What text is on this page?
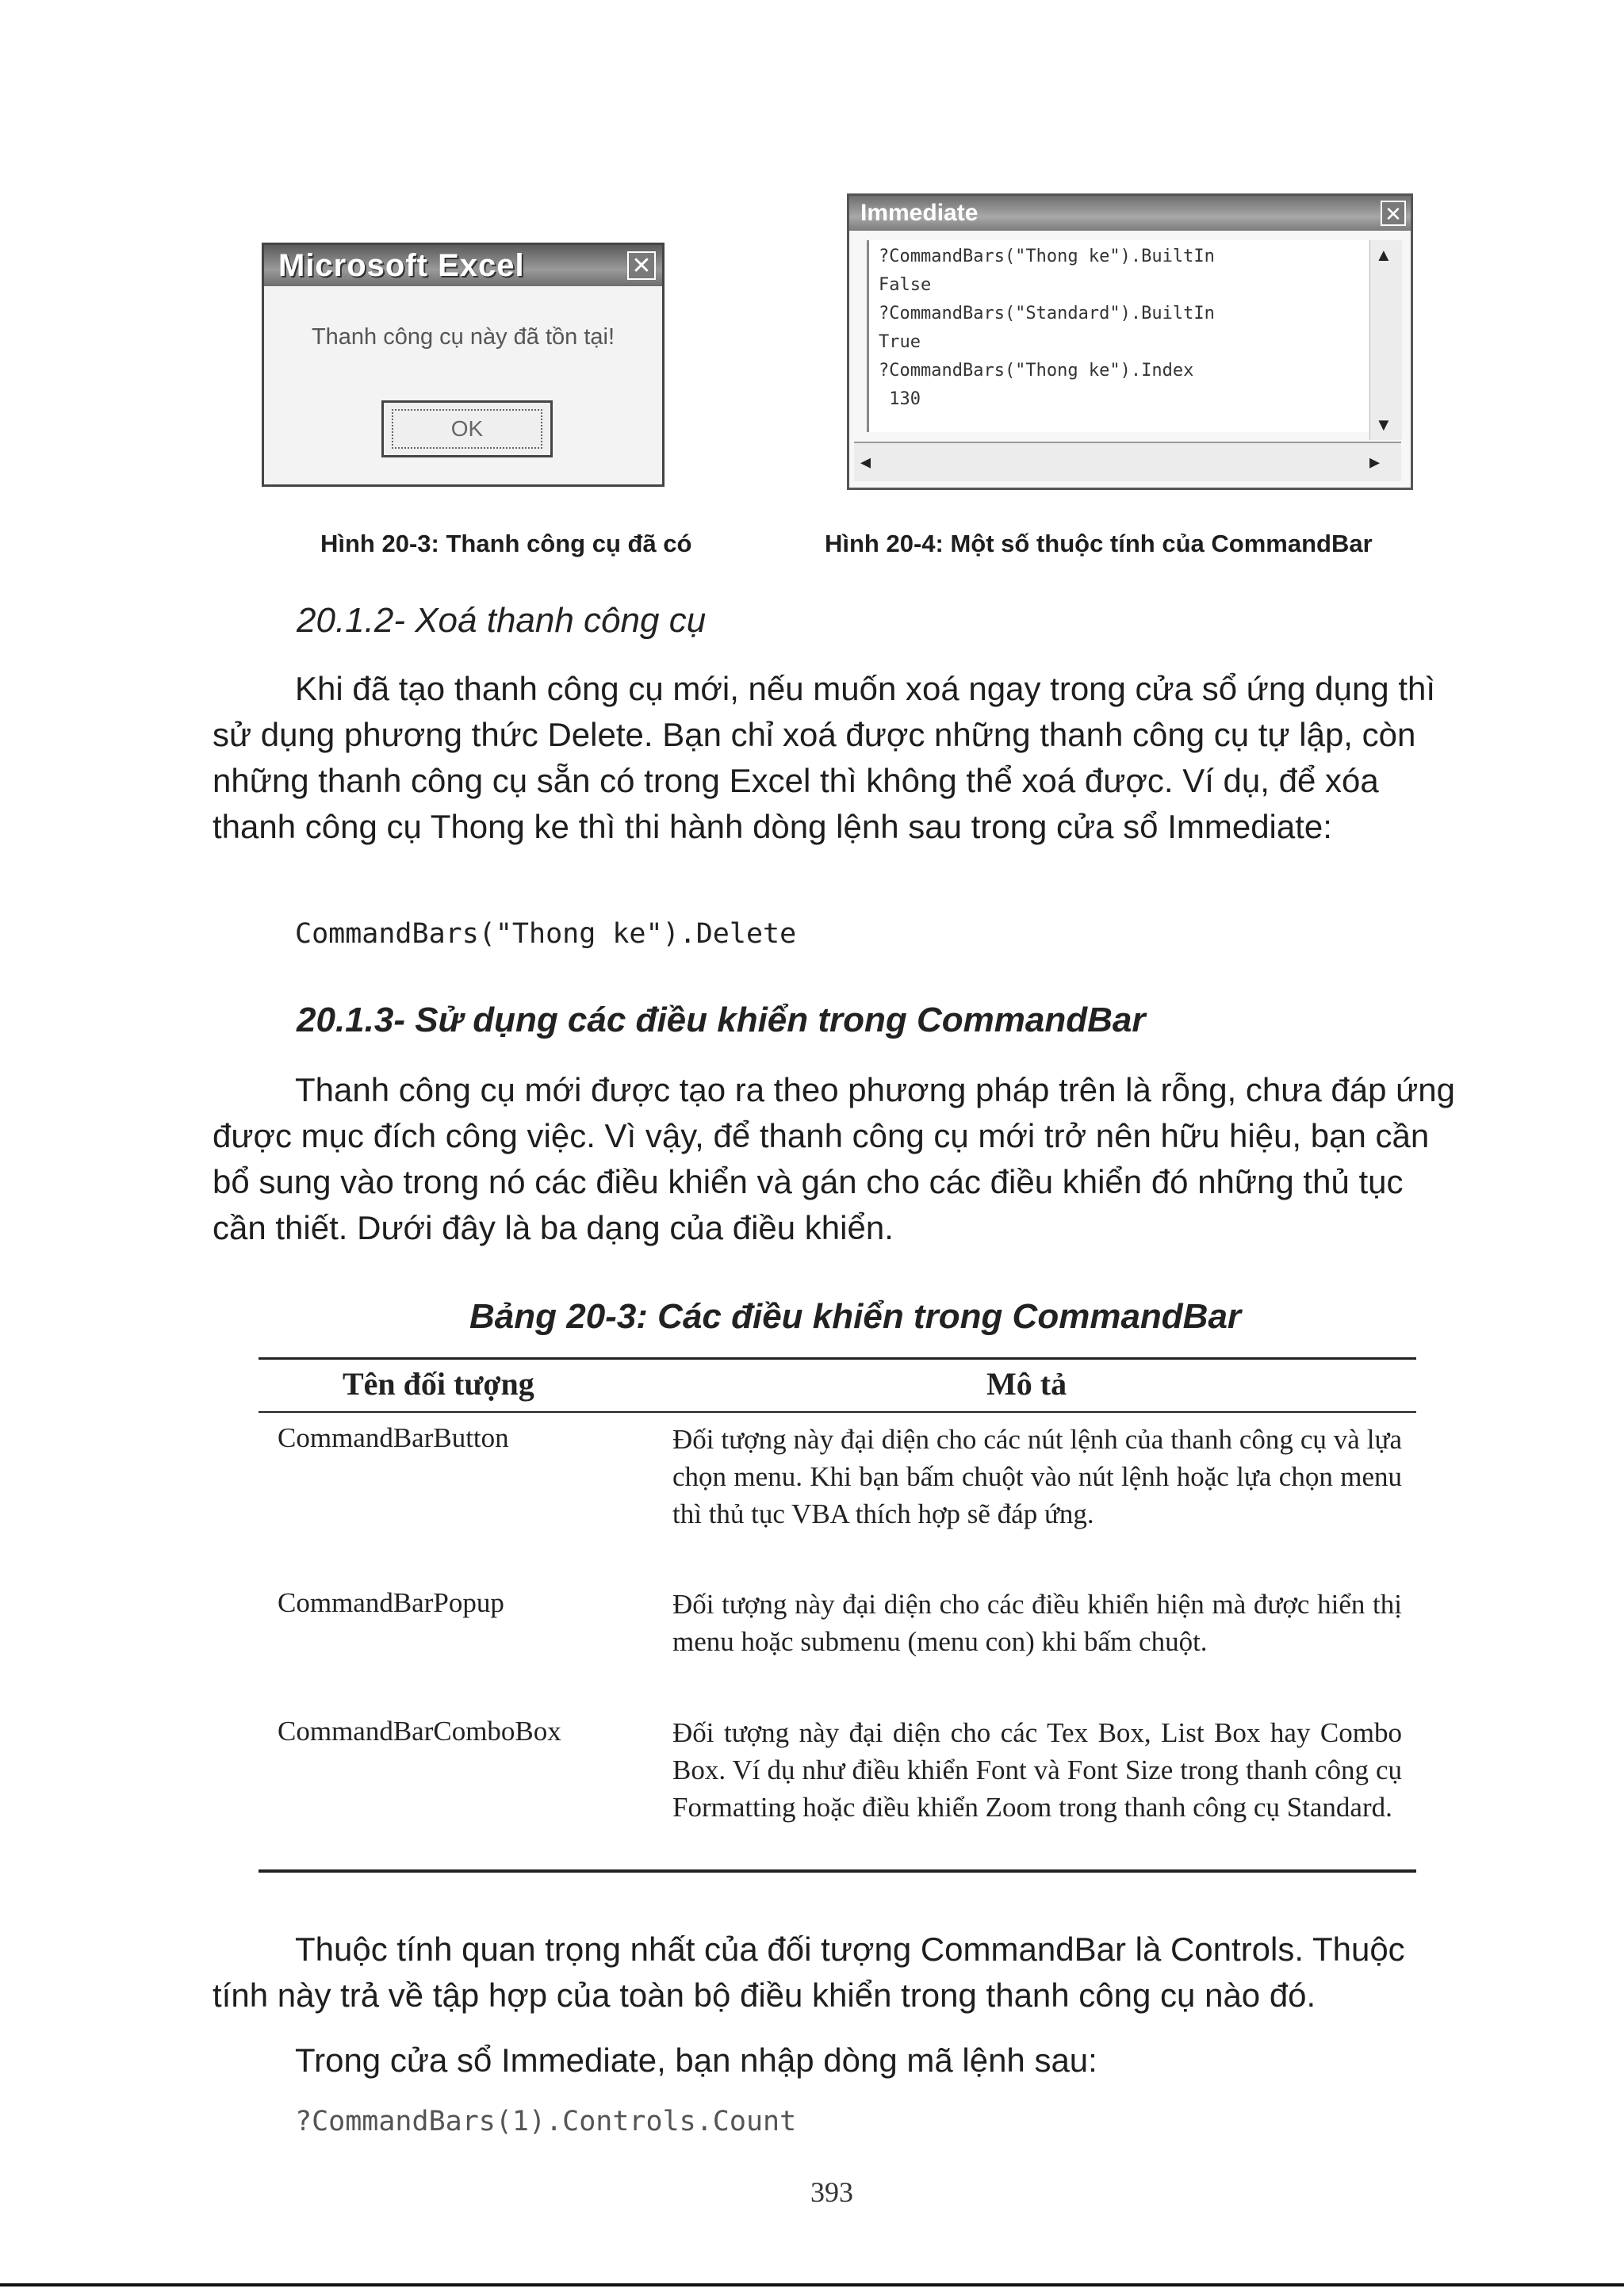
Microsoft Excel	✕
Thanh công cụ này đã tồn tại!
OK
Immediate	✕
?CommandBars("Thong ke").BuiltIn
False
?CommandBars("Standard").BuiltIn
True
?CommandBars("Thong ke").Index
130
▲
▼
◂	▸
Hình 20-3: Thanh công cụ đã có	Hình 20-4: Một số thuộc tính của CommandBar
20.1.2- Xoá thanh công cụ

Khi đã tạo thanh công cụ mới, nếu muốn xoá ngay trong cửa sổ ứng dụng thì sử dụng phương thức Delete. Bạn chỉ xoá được những thanh công cụ tự lập, còn những thanh công cụ sẵn có trong Excel thì không thể xoá được. Ví dụ, để xóa thanh công cụ Thong ke thì thi hành dòng lệnh sau trong cửa sổ Immediate:

CommandBars("Thong ke").Delete
20.1.3- Sử dụng các điều khiển trong CommandBar

Thanh công cụ mới được tạo ra theo phương pháp trên là rỗng, chưa đáp ứng được mục đích công việc. Vì vậy, để thanh công cụ mới trở nên hữu hiệu, bạn cần bổ sung vào trong nó các điều khiển và gán cho các điều khiển đó những thủ tục cần thiết. Dưới đây là ba dạng của điều khiển.

Bảng 20-3: Các điều khiển trong CommandBar
Tên đối tượng	Mô tả
CommandBarButton	Đối tượng này đại diện cho các nút lệnh của thanh công cụ và lựa chọn menu. Khi bạn bấm chuột vào nút lệnh hoặc lựa chọn menu thì thủ tục VBA thích hợp sẽ đáp ứng.
CommandBarPopup	Đối tượng này đại diện cho các điều khiển hiện mà được hiển thị menu hoặc submenu (menu con) khi bấm chuột.
CommandBarComboBox	Đối tượng này đại diện cho các Tex Box, List Box hay Combo Box. Ví dụ như điều khiển Font và Font Size trong thanh công cụ Formatting hoặc điều khiển Zoom trong thanh công cụ Standard.

Thuộc tính quan trọng nhất của đối tượng CommandBar là Controls. Thuộc tính này trả về tập hợp của toàn bộ điều khiển trong thanh công cụ nào đó.

Trong cửa sổ Immediate, bạn nhập dòng mã lệnh sau:

?CommandBars(1).Controls.Count
393
